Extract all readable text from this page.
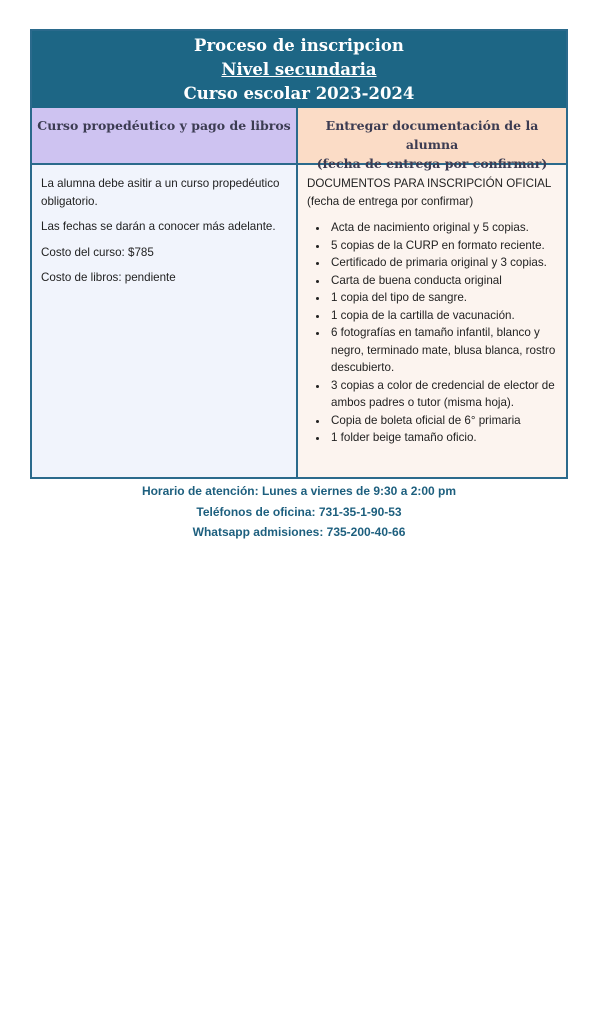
Proceso de inscripcion
Nivel secundaria
Curso escolar 2023-2024
Curso propedéutico y pago de libros

La alumna debe asitir a un curso propedéutico obligatorio.

Las fechas se darán a conocer más adelante.

Costo del curso: $785

Costo de libros: pendiente

Entregar documentación de la alumna
(fecha de entrega por confirmar)

DOCUMENTOS PARA INSCRIPCIÓN OFICIAL

(fecha de entrega por confirmar)

• Acta de nacimiento original y 5 copias.
• 5 copias de la CURP en formato reciente.
• Certificado de primaria original y 3 copias.
• Carta de buena conducta original
• 1 copia del tipo de sangre.
• 1 copia de la cartilla de vacunación.
• 6 fotografías en tamaño infantil, blanco y negro, terminado mate, blusa blanca, rostro descubierto.
• 3 copias a color de credencial de elector de ambos padres o tutor (misma hoja).
• Copia de boleta oficial de 6° primaria
• 1 folder beige tamaño oficio.
Horario de atención: Lunes a viernes de 9:30 a 2:00 pm
Teléfonos de oficina: 731-35-1-90-53
Whatsapp admisiones: 735-200-40-66
